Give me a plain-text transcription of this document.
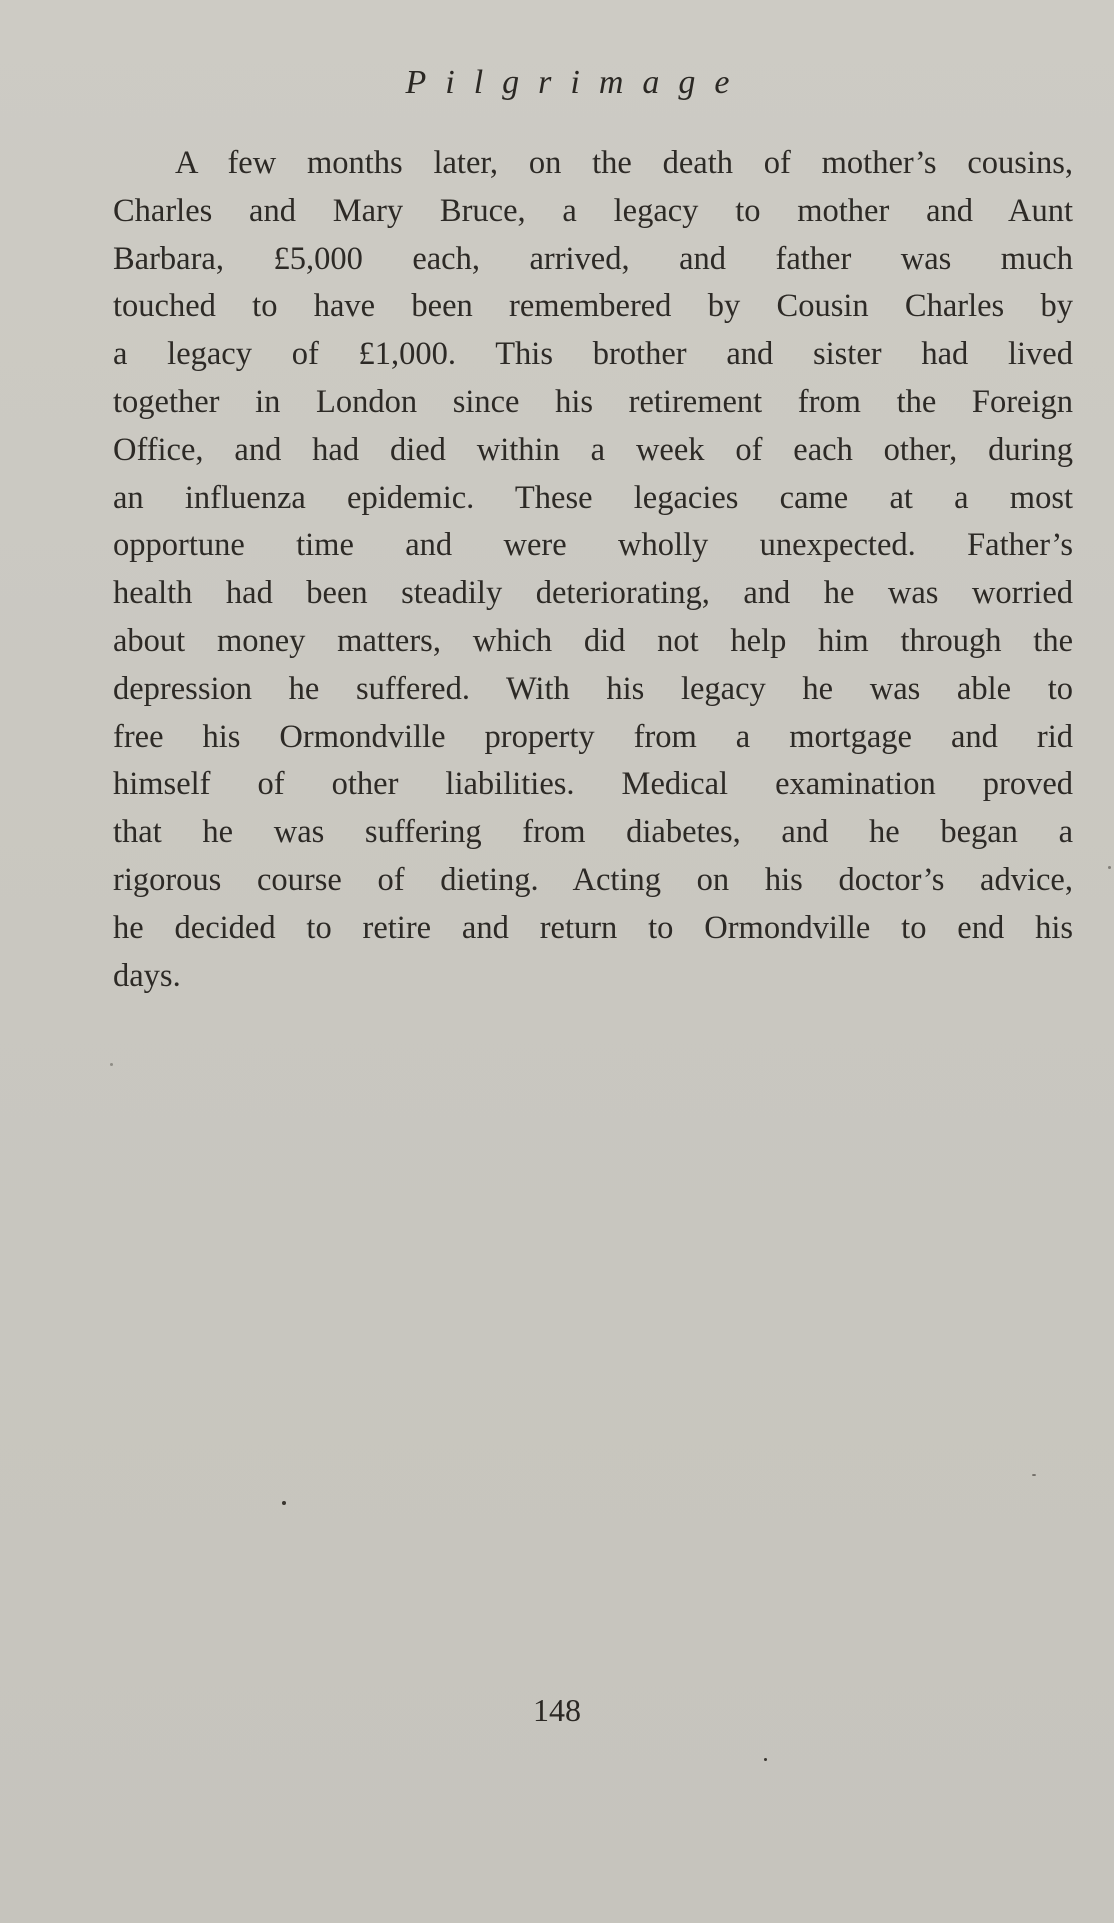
Pilgrimage
A few months later, on the death of mother’s cousins,
Charles and Mary Bruce, a legacy to mother and Aunt
Barbara, £5,000 each, arrived, and father was much
touched to have been remembered by Cousin Charles by
a legacy of £1,000. This brother and sister had lived
together in London since his retirement from the Foreign
Office, and had died within a week of each other, during
an influenza epidemic. These legacies came at a most
opportune time and were wholly unexpected. Father’s
health had been steadily deteriorating, and he was worried
about money matters, which did not help him through the
depression he suffered. With his legacy he was able to
free his Ormondville property from a mortgage and rid
himself of other liabilities. Medical examination proved
that he was suffering from diabetes, and he began a
rigorous course of dieting. Acting on his doctor’s advice,
he decided to retire and return to Ormondville to end his
days.
148
